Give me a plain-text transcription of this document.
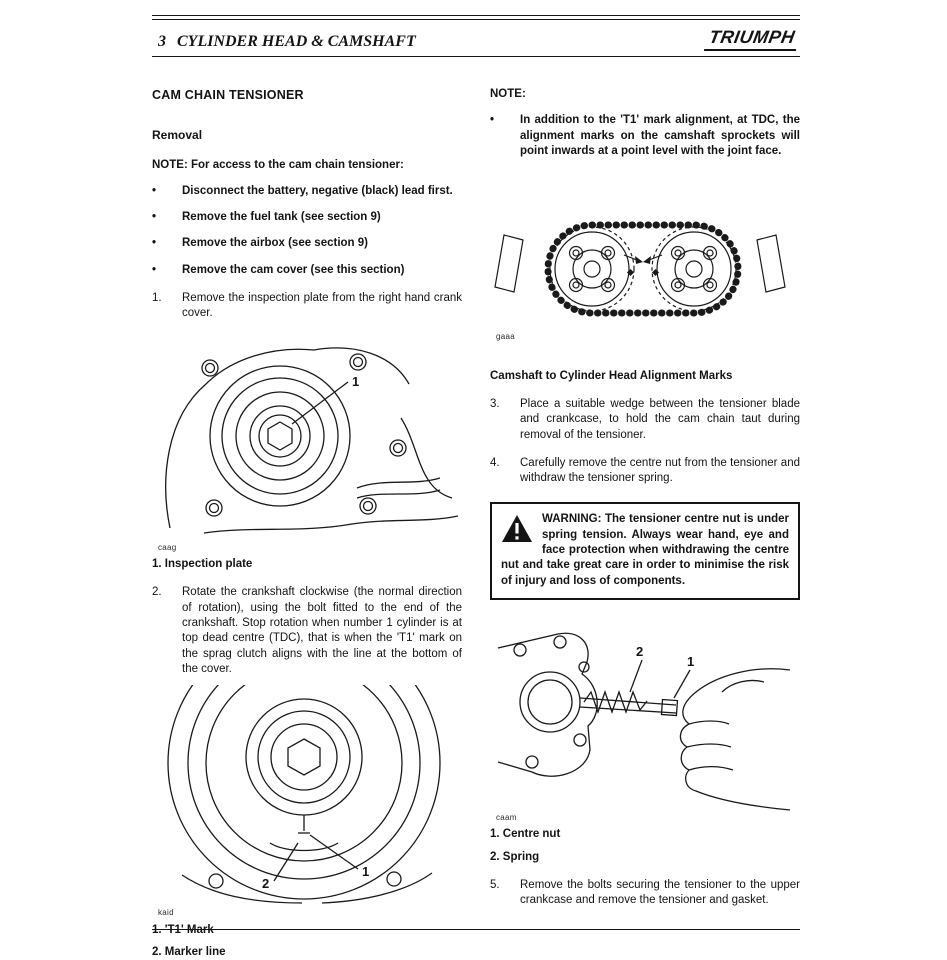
3 CYLINDER HEAD & CAMSHAFT	TRIUMPH
CAM CHAIN TENSIONER
Removal

NOTE: For access to the cam chain tensioner:

•	Disconnect the battery, negative (black) lead first.
•	Remove the fuel tank (see section 9)
•	Remove the airbox (see section 9)
•	Remove the cam cover (see this section)
1.	Remove the inspection plate from the right hand crank cover.
1
caag
1. Inspection plate
2.	Rotate the crankshaft clockwise (the normal direction of rotation), using the bolt fitted to the end of the crankshaft. Stop rotation when number 1 cylinder is at top dead centre (TDC), that is when the 'T1' mark on the sprag clutch aligns with the line at the bottom of the cover.
1
2
kaid
1. 'T1' Mark
2. Marker line

NOTE:

•	In addition to the 'T1' mark alignment, at TDC, the alignment marks on the camshaft sprockets will point inwards at a point level with the joint face.
gaaa
Camshaft to Cylinder Head Alignment Marks
3.	Place a suitable wedge between the tensioner blade and crankcase, to hold the cam chain taut during removal of the tensioner.
4.	Carefully remove the centre nut from the tensioner and withdraw the tensioner spring.
WARNING: The tensioner centre nut is under spring tension. Always wear hand, eye and face protection when withdrawing the centre nut and take great care in order to minimise the risk of injury and loss of components.
2
1
caam
1. Centre nut
2. Spring
5.	Remove the bolts securing the tensioner to the upper crankcase and remove the tensioner and gasket.
